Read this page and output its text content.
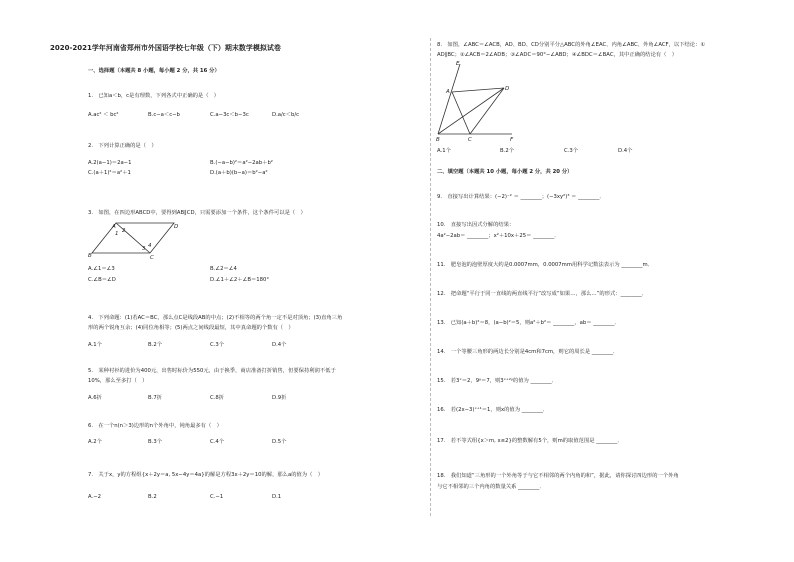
2020-2021学年河南省郑州市外国语学校七年级（下）期末数学模拟试卷
一、选择题（本题共 8 小题，每小题 2 分，共 16 分）
1.　已知a＜b，c是有理数，下列各式中正确的是（　）
A.ac² ＜ bc²	B.c−a＜c−b	C.a−3c＜b−3c	D.a/c＜b/c
2.　下列计算正确的是（　）
A.2(a−1)＝2a−1	B.(−a−b)²＝a²−2ab＋b²
C.(a＋1)²＝a²＋1	D.(a＋b)(b−a)＝b²−a²
3.　如图，在四边形ABCD中，要得到AB∥CD，只需要添加一个条件，这个条件可以是（　）
A
B	C
D
1 2
3 4
A.∠1＝∠3	B.∠2＝∠4
C.∠B＝∠D	D.∠1＋∠2＋∠B＝180°
4.　下列命题：(1)若AC＝BC，那么点C是线段AB的中点；(2)不相等的两个角一定不是对顶角；(3)直角三角
形的两个锐角互余；(4)同位角相等；(5)两点之间线段最短，其中真命题的个数有（　）
A.1个	B.2个	C.3个	D.4个
5.　某种衬衫的进价为400元，出售时标价为550元，由于换季，商店准备打折销售，但要保持利润不低于
10%，那么至多打（　）
A.6折	B.7折	C.8折	D.9折
6.　在一个n(n＞3)边形的n个外角中，钝角最多有（　）
A.2个	B.3个	C.4个	D.5个
7.　关于x，y的方程组{x＋2y＝a, 5x−4y＝4a}的解是方程3x＋2y＝10的解，那么a的值为（　）
A.−2	B.2	C.−1	D.1
8.　如图，∠ABC＝∠ACB，AD、BD、CD分别平分△ABC的外角∠EAC、内角∠ABC、外角∠ACF，以下结论：①
AD∥BC；②∠ACB＝2∠ADB；③∠ADC＝90°−∠ABD；④∠BDC＝∠BAC，其中正确的结论有（　）
E
A	D
B	C	F
A.1个	B.2个	C.3个	D.4个
二、填空题（本题共 10 小题，每小题 2 分，共 20 分）
9.　直接写出计算结果：(−2)⁻² ＝ ________；(−3xy²)³ ＝ ________．
10.　直接写出因式分解的结果：
4a²−2ab＝ ________；x²＋10x＋25＝ ________．
11.　肥皂泡的泡壁厚度大约是0.0007mm，0.0007mm用科学记数法表示为 ________m．
12.　把命题“平行于同一直线的两直线平行”改写成“如果…，那么…”的形式：________．
13.　已知(a＋b)²＝8，(a−b)²＝5，则a²＋b²＝ ________，ab＝ ________．
14.　一个等腰三角形的两边长分别是4cm和7cm，则它的周长是 ________．
15.　若3ˣ＝2，9ʸ＝7，则3ˣ⁺²ʸ的值为 ________．
16.　若(2x−3)ˣ⁺¹＝1，则x的值为 ________．
17.　若不等式组{x＞m, x≤2}的整数解有5个，则m的取值范围是 ________．
18.　我们知道“三角形的一个外角等于与它不相邻的两个内角的和”，据此，请你探讨四边形的一个外角
与它不相邻的三个内角的数量关系 ________．
